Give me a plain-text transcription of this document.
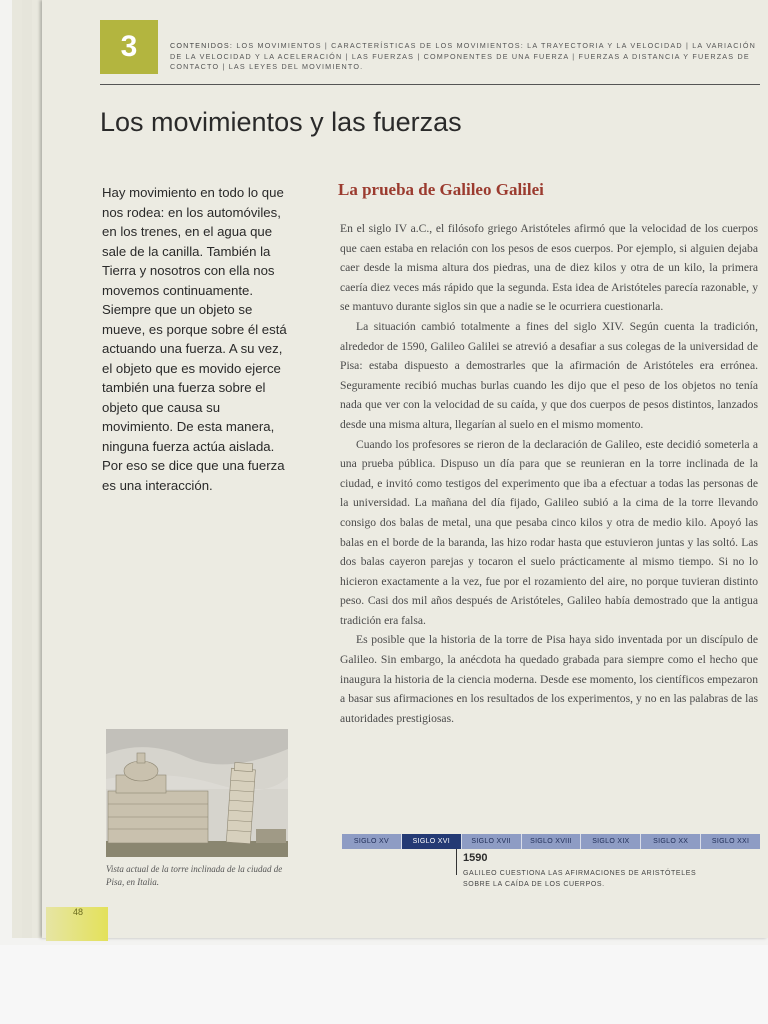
3	CONTENIDOS: LOS MOVIMIENTOS | CARACTERÍSTICAS DE LOS MOVIMIENTOS: LA TRAYECTORIA Y LA VELOCIDAD | LA VARIACIÓN DE LA VELOCIDAD Y LA ACELERACIÓN | LAS FUERZAS | COMPONENTES DE UNA FUERZA | FUERZAS A DISTANCIA Y FUERZAS DE CONTACTO | LAS LEYES DEL MOVIMIENTO.
Los movimientos y las fuerzas
Hay movimiento en todo lo que nos rodea: en los automóviles, en los trenes, en el agua que sale de la canilla. También la Tierra y nosotros con ella nos movemos continuamente. Siempre que un objeto se mueve, es porque sobre él está actuando una fuerza. A su vez, el objeto que es movido ejerce también una fuerza sobre el objeto que causa su movimiento. De esta manera, ninguna fuerza actúa aislada. Por eso se dice que una fuerza es una interacción.
La prueba de Galileo Galilei

En el siglo IV a.C., el filósofo griego Aristóteles afirmó que la velocidad de los cuerpos que caen estaba en relación con los pesos de esos cuerpos. Por ejemplo, si alguien dejaba caer desde la misma altura dos piedras, una de diez kilos y otra de un kilo, la primera caería diez veces más rápido que la segunda. Esta idea de Aristóteles parecía razonable, y se mantuvo durante siglos sin que a nadie se le ocurriera cuestionarla.

La situación cambió totalmente a fines del siglo XIV. Según cuenta la tradición, alrededor de 1590, Galileo Galilei se atrevió a desafiar a sus colegas de la universidad de Pisa: estaba dispuesto a demostrarles que la afirmación de Aristóteles era errónea. Seguramente recibió muchas burlas cuando les dijo que el peso de los objetos no tenía nada que ver con la velocidad de su caída, y que dos cuerpos de pesos distintos, lanzados desde una misma altura, llegarían al suelo en el mismo momento.

Cuando los profesores se rieron de la declaración de Galileo, este decidió someterla a una prueba pública. Dispuso un día para que se reunieran en la torre inclinada de la ciudad, e invitó como testigos del experimento que iba a efectuar a todas las personas de la universidad. La mañana del día fijado, Galileo subió a la cima de la torre llevando consigo dos balas de metal, una que pesaba cinco kilos y otra de medio kilo. Apoyó las balas en el borde de la baranda, las hizo rodar hasta que estuvieron juntas y las soltó. Las dos balas cayeron parejas y tocaron el suelo prácticamente al mismo tiempo. Si no lo hicieron exactamente a la vez, fue por el rozamiento del aire, no porque tuvieran distinto peso. Casi dos mil años después de Aristóteles, Galileo había demostrado que la antigua tradición era falsa.

Es posible que la historia de la torre de Pisa haya sido inventada por un discípulo de Galileo. Sin embargo, la anécdota ha quedado grabada para siempre como el hecho que inaugura la historia de la ciencia moderna. Desde ese momento, los científicos empezaron a basar sus afirmaciones en los resultados de los experimentos, y no en las palabras de las autoridades prestigiosas.

Vista actual de la torre inclinada de la ciudad de Pisa, en Italia.
SIGLO XV	SIGLO XVI	SIGLO XVII	SIGLO XVIII	SIGLO XIX	SIGLO XX	SIGLO XXI
1590
GALILEO CUESTIONA LAS AFIRMACIONES DE ARISTÓTELES SOBRE LA CAÍDA DE LOS CUERPOS.
48
